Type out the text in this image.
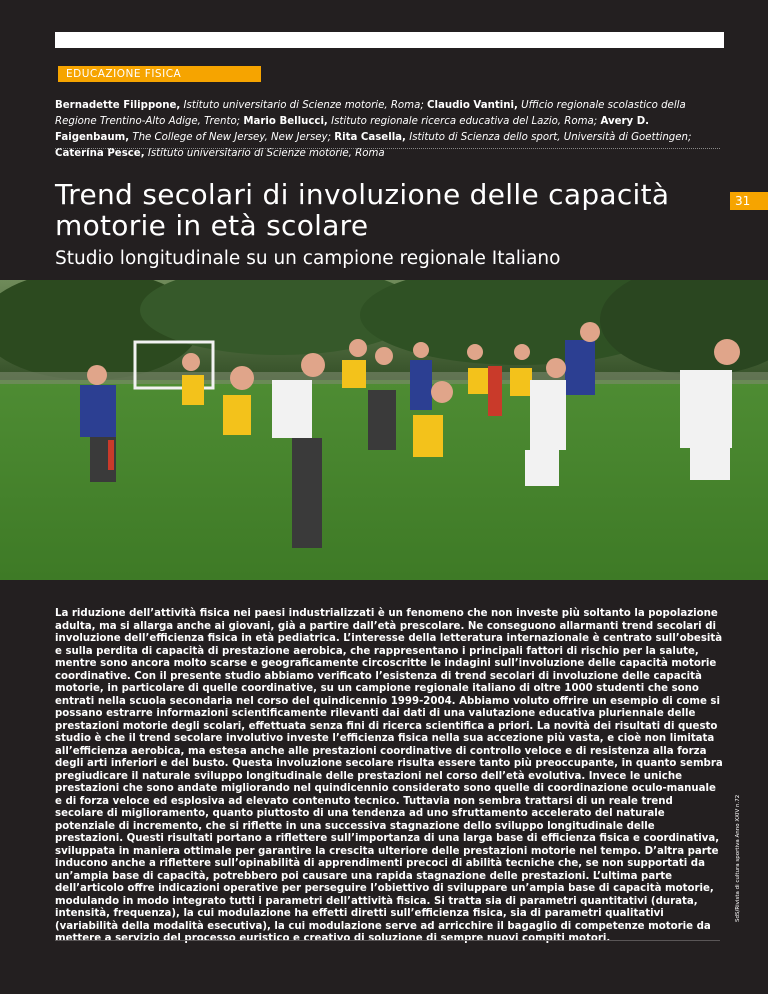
EDUCAZIONE FISICA
Bernadette Filippone, Istituto universitario di Scienze motorie, Roma; Claudio Vantini, Ufficio regionale scolastico della Regione Trentino-Alto Adige, Trento; Mario Bellucci, Istituto regionale ricerca educativa del Lazio, Roma; Avery D. Faigenbaum, The College of New Jersey, New Jersey; Rita Casella, Istituto di Scienza dello sport, Università di Goettingen; Caterina Pesce, Istituto universitario di Scienze motorie, Roma
Trend secolari di involuzione delle capacità motorie in età scolare
31
Studio longitudinale su un campione regionale Italiano

La riduzione dell’attività fisica nei paesi industrializzati è un fenomeno che non investe più soltanto la popolazione adulta, ma si allarga anche ai giovani, già a partire dall’età prescolare. Ne conseguono allarmanti trend secolari di involuzione dell’efficienza fisica in età pediatrica. L’interesse della letteratura internazionale è centrato sull’obesità e sulla perdita di capacità di prestazione aerobica, che rappresentano i principali fattori di rischio per la salute, mentre sono ancora molto scarse e geograficamente circoscritte le indagini sull’involuzione delle capacità motorie coordinative. Con il presente studio abbiamo verificato l’esistenza di trend secolari di involuzione delle capacità motorie, in particolare di quelle coordinative, su un campione regionale italiano di oltre 1000 studenti che sono entrati nella scuola secondaria nel corso del quindicennio 1999-2004. Abbiamo voluto offrire un esempio di come si possano estrarre informazioni scientificamente rilevanti dai dati di una valutazione educativa pluriennale delle prestazioni motorie degli scolari, effettuata senza fini di ricerca scientifica a priori. La novità dei risultati di questo studio è che il trend secolare involutivo investe l’efficienza fisica nella sua accezione più vasta, e cioè non limitata all’efficienza aerobica, ma estesa anche alle prestazioni coordinative di controllo veloce e di resistenza alla forza degli arti inferiori e del busto. Questa involuzione secolare risulta essere tanto più preoccupante, in quanto sembra pregiudicare il naturale sviluppo longitudinale delle prestazioni nel corso dell’età evolutiva. Invece le uniche prestazioni che sono andate migliorando nel quindicennio considerato sono quelle di coordinazione oculo-manuale e di forza veloce ed esplosiva ad elevato contenuto tecnico. Tuttavia non sembra trattarsi di un reale trend secolare di miglioramento, quanto piuttosto di una tendenza ad uno sfruttamento accelerato del naturale potenziale di incremento, che si riflette in una successiva stagnazione dello sviluppo longitudinale delle prestazioni. Questi risultati portano a riflettere sull’importanza di una larga base di efficienza fisica e coordinativa, sviluppata in maniera ottimale per garantire la crescita ulteriore delle prestazioni motorie nel tempo. D’altra parte inducono anche a riflettere sull’opinabilità di apprendimenti precoci di abilità tecniche che, se non supportati da un’ampia base di capacità, potrebbero poi causare una rapida stagnazione delle prestazioni. L’ultima parte dell’articolo offre indicazioni operative per perseguire l’obiettivo di sviluppare un’ampia base di capacità motorie, modulando in modo integrato tutti i parametri dell’attività fisica. Si tratta sia di parametri quantitativi (durata, intensità, frequenza), la cui modulazione ha effetti diretti sull’efficienza fisica, sia di parametri qualitativi (variabilità della modalità esecutiva), la cui modulazione serve ad arricchire il bagaglio di competenze motorie da mettere a servizio del processo euristico e creativo di soluzione di sempre nuovi compiti motori.

SdS/Rivista di cultura sportiva Anno XXIV n.72
